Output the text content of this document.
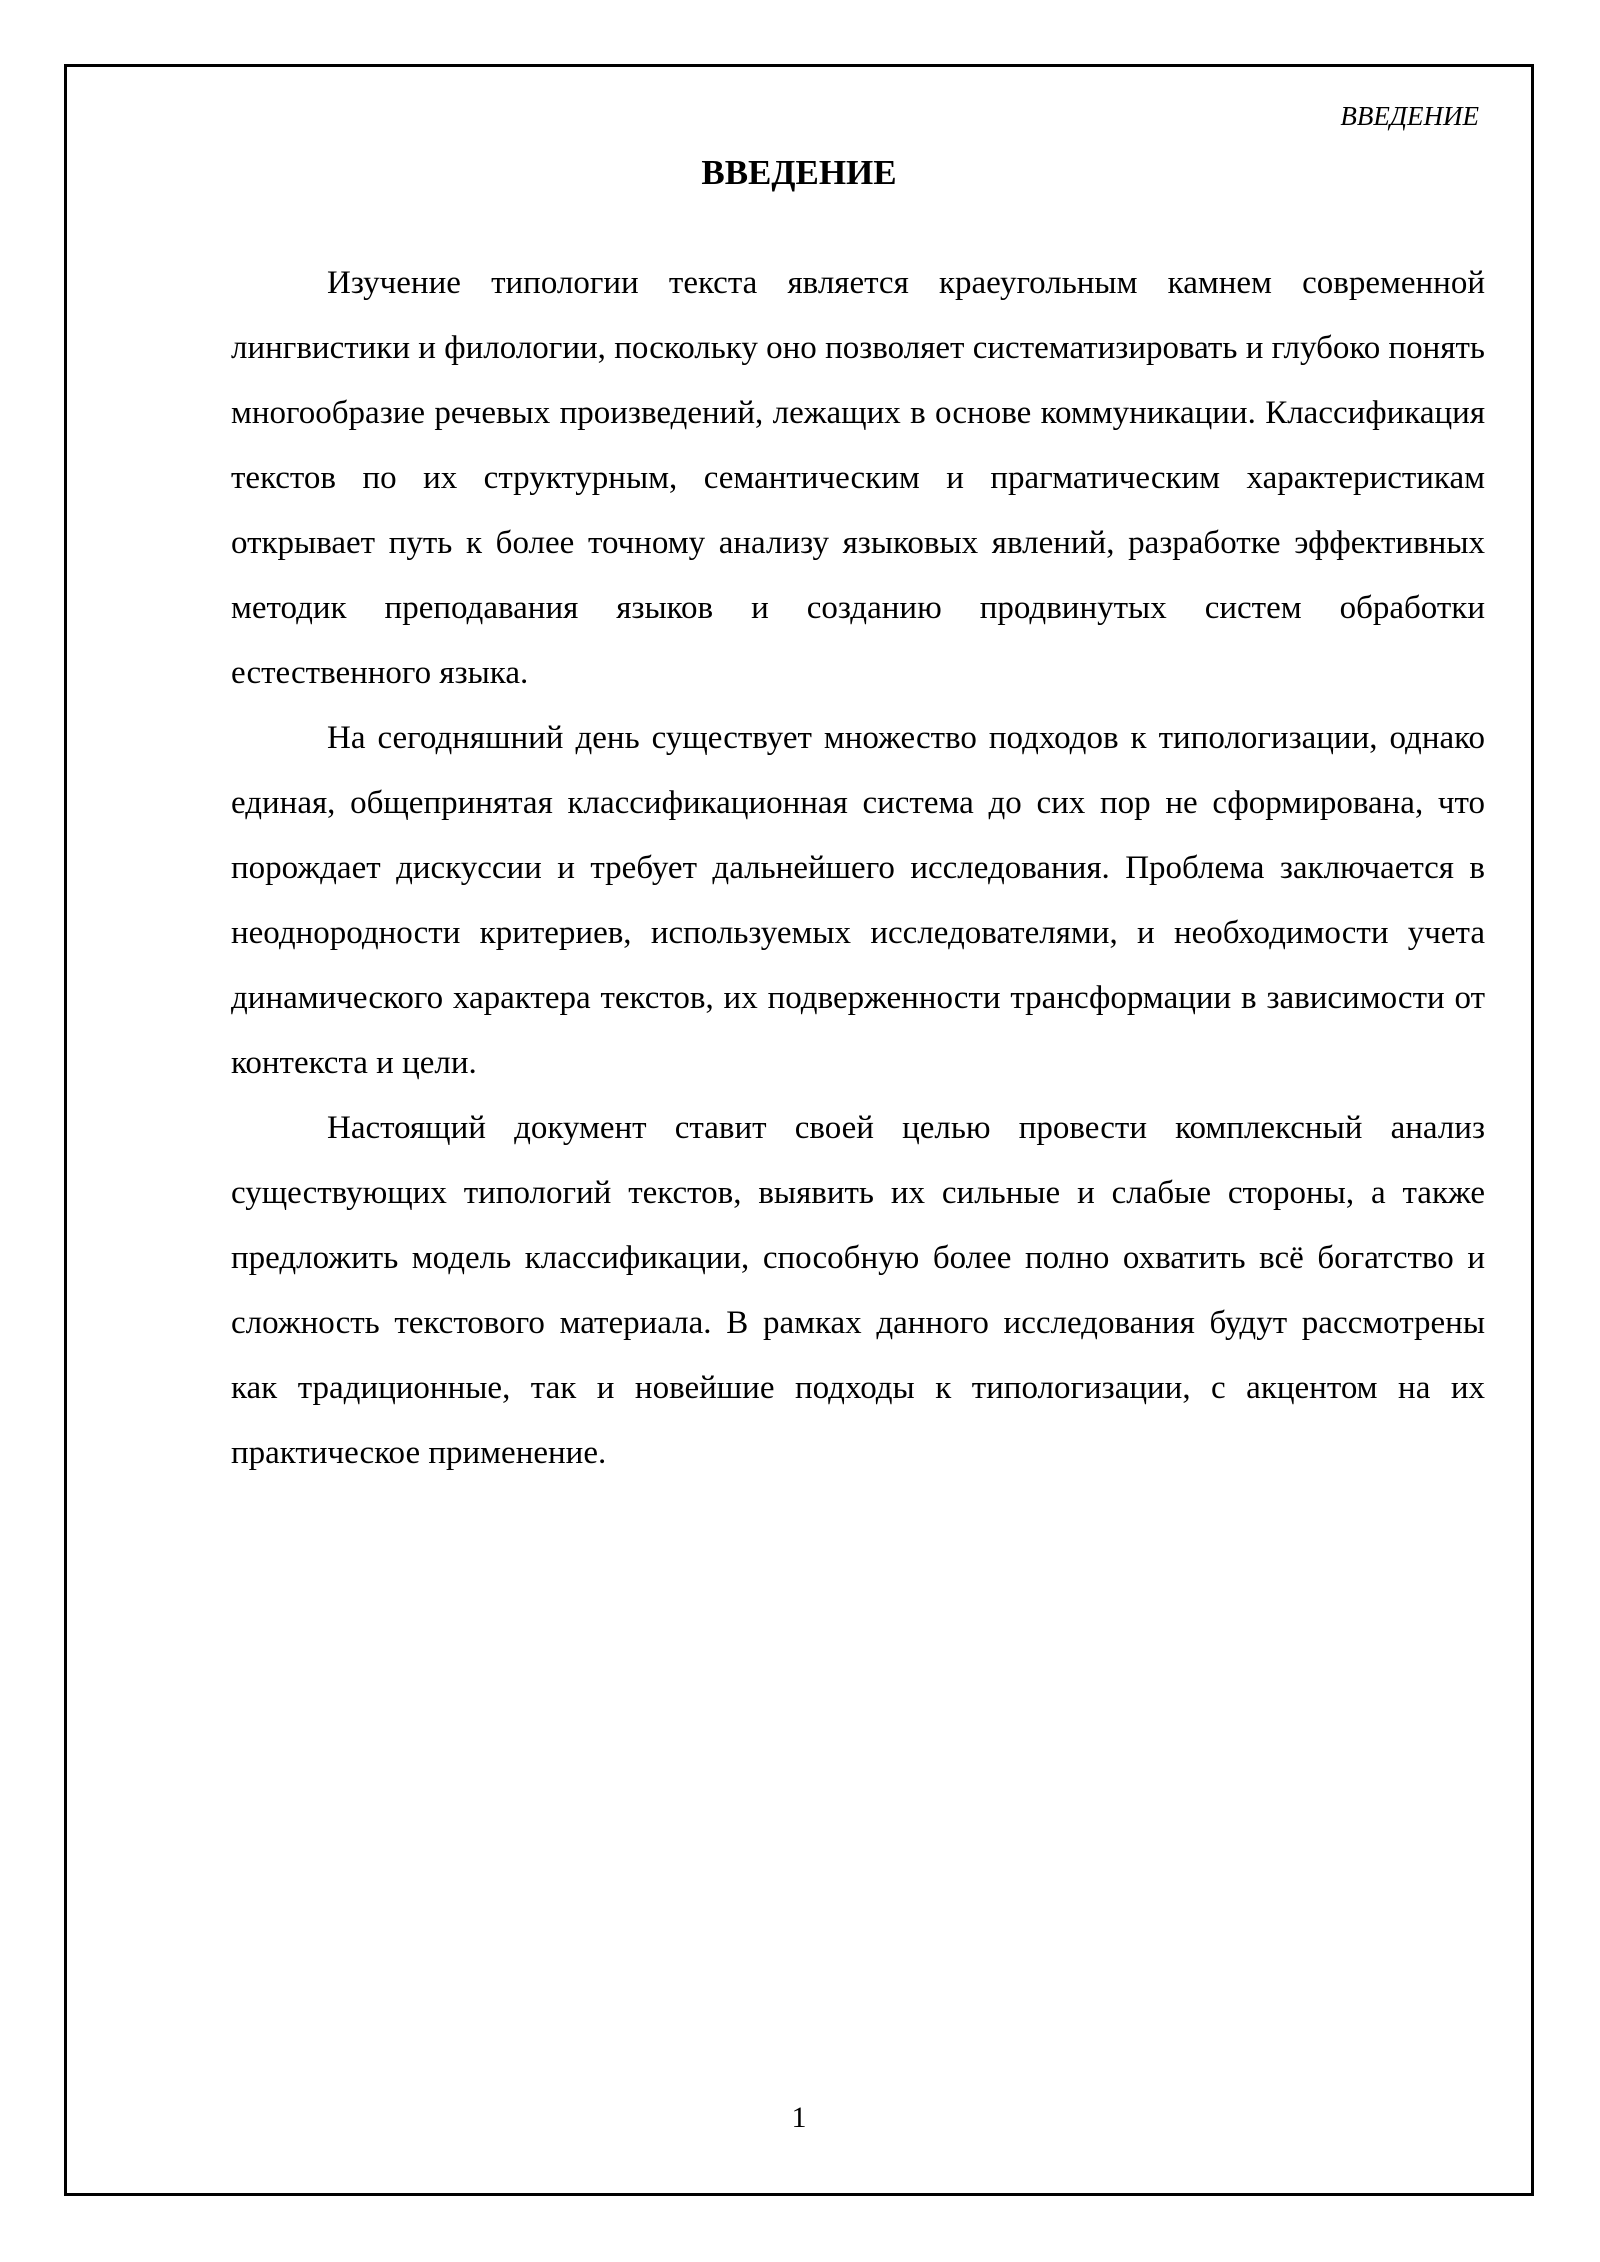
ВВЕДЕНИЕ

ВВЕДЕНИЕ

Изучение типологии текста является краеугольным камнем современной лингвистики и филологии, поскольку оно позволяет систематизировать и глубоко понять многообразие речевых произведений, лежащих в основе коммуникации. Классификация текстов по их структурным, семантическим и прагматическим характеристикам открывает путь к более точному анализу языковых явлений, разработке эффективных методик преподавания языков и созданию продвинутых систем обработки естественного языка.

На сегодняшний день существует множество подходов к типологизации, однако единая, общепринятая классификационная система до сих пор не сформирована, что порождает дискуссии и требует дальнейшего исследования. Проблема заключается в неоднородности критериев, используемых исследователями, и необходимости учета динамического характера текстов, их подверженности трансформации в зависимости от контекста и цели.

Настоящий документ ставит своей целью провести комплексный анализ существующих типологий текстов, выявить их сильные и слабые стороны, а также предложить модель классификации, способную более полно охватить всё богатство и сложность текстового материала. В рамках данного исследования будут рассмотрены как традиционные, так и новейшие подходы к типологизации, с акцентом на их практическое применение.

1
